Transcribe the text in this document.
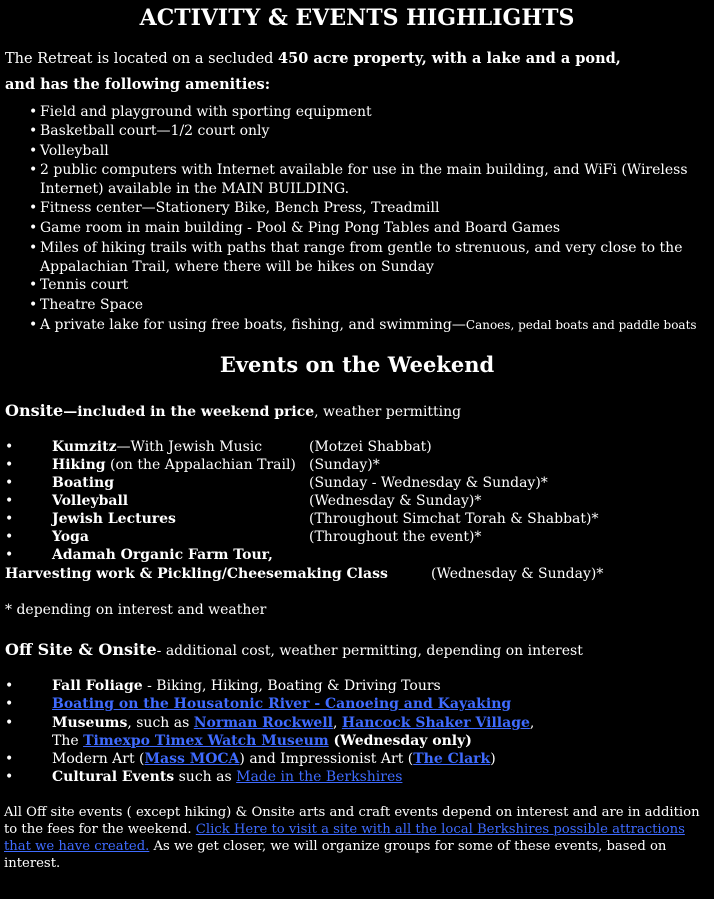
ACTIVITY & EVENTS HIGHLIGHTS
The Retreat is located on a secluded 450 acre property, with a lake and a pond,
and has the following amenities:
• Field and playground with sporting equipment
• Basketball court—1/2 court only
• Volleyball
• 2 public computers with Internet available for use in the main building, and WiFi (Wireless
Internet) available in the MAIN BUILDING.
• Fitness center—Stationery Bike, Bench Press, Treadmill
• Game room in main building - Pool & Ping Pong Tables and Board Games
• Miles of hiking trails with paths that range from gentle to strenuous, and very close to the
Appalachian Trail, where there will be hikes on Sunday
• Tennis court
• Theatre Space
• A private lake for using free boats, fishing, and swimming—Canoes, pedal boats and paddle boats
Events on the Weekend
Onsite—included in the weekend price, weather permitting
•	Kumzitz—With Jewish Music	(Motzei Shabbat)
•	Hiking (on the Appalachian Trail) (Sunday)*
•	Boating	(Sunday - Wednesday & Sunday)*
•	Volleyball	(Wednesday & Sunday)*
•	Jewish Lectures	(Throughout Simchat Torah & Shabbat)*
•	Yoga	(Throughout the event)*
•	Adamah Organic Farm Tour,
Harvesting work & Pickling/Cheesemaking Class	(Wednesday & Sunday)*
* depending on interest and weather
Off Site & Onsite- additional cost, weather permitting, depending on interest
•	Fall Foliage - Biking, Hiking, Boating & Driving Tours
•	Boating on the Housatonic River - Canoeing and Kayaking
•	Museums, such as Norman Rockwell, Hancock Shaker Village,
The Timexpo Timex Watch Museum (Wednesday only)
•	Modern Art (Mass MOCA) and Impressionist Art (The Clark)
•	Cultural Events such as Made in the Berkshires
All Off site events ( except hiking) & Onsite arts and craft events depend on interest and are in addition to the fees for the weekend. Click Here to visit a site with all the local Berkshires possible attractions that we have created. As we get closer, we will organize groups for some of these events, based on interest.
